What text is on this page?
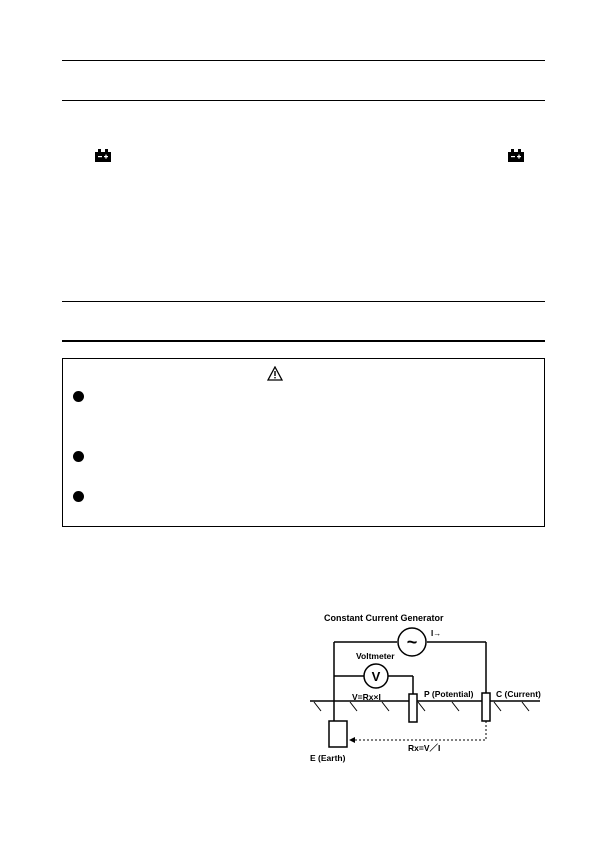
Constant Current Generator
~ I→
Voltmeter
V
V=Rx×I	P (Potential)	C (Current)
Rx=V／I
E (Earth)
